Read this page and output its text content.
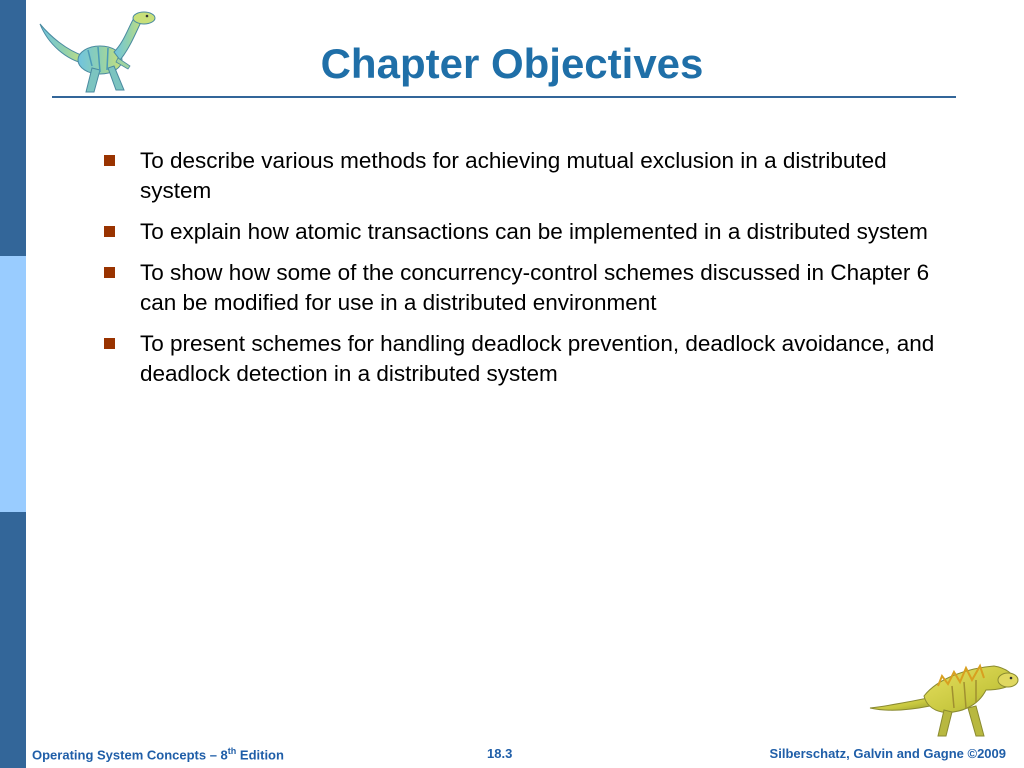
Chapter Objectives
To describe various methods for achieving mutual exclusion in a distributed system
To explain how atomic transactions can be implemented in a distributed system
To show how some of the concurrency-control schemes discussed in Chapter 6 can be modified for use in a distributed environment
To present schemes for handling deadlock prevention, deadlock avoidance, and deadlock detection in a distributed system

Operating System Concepts – 8th Edition	18.3	Silberschatz, Galvin and Gagne ©2009
